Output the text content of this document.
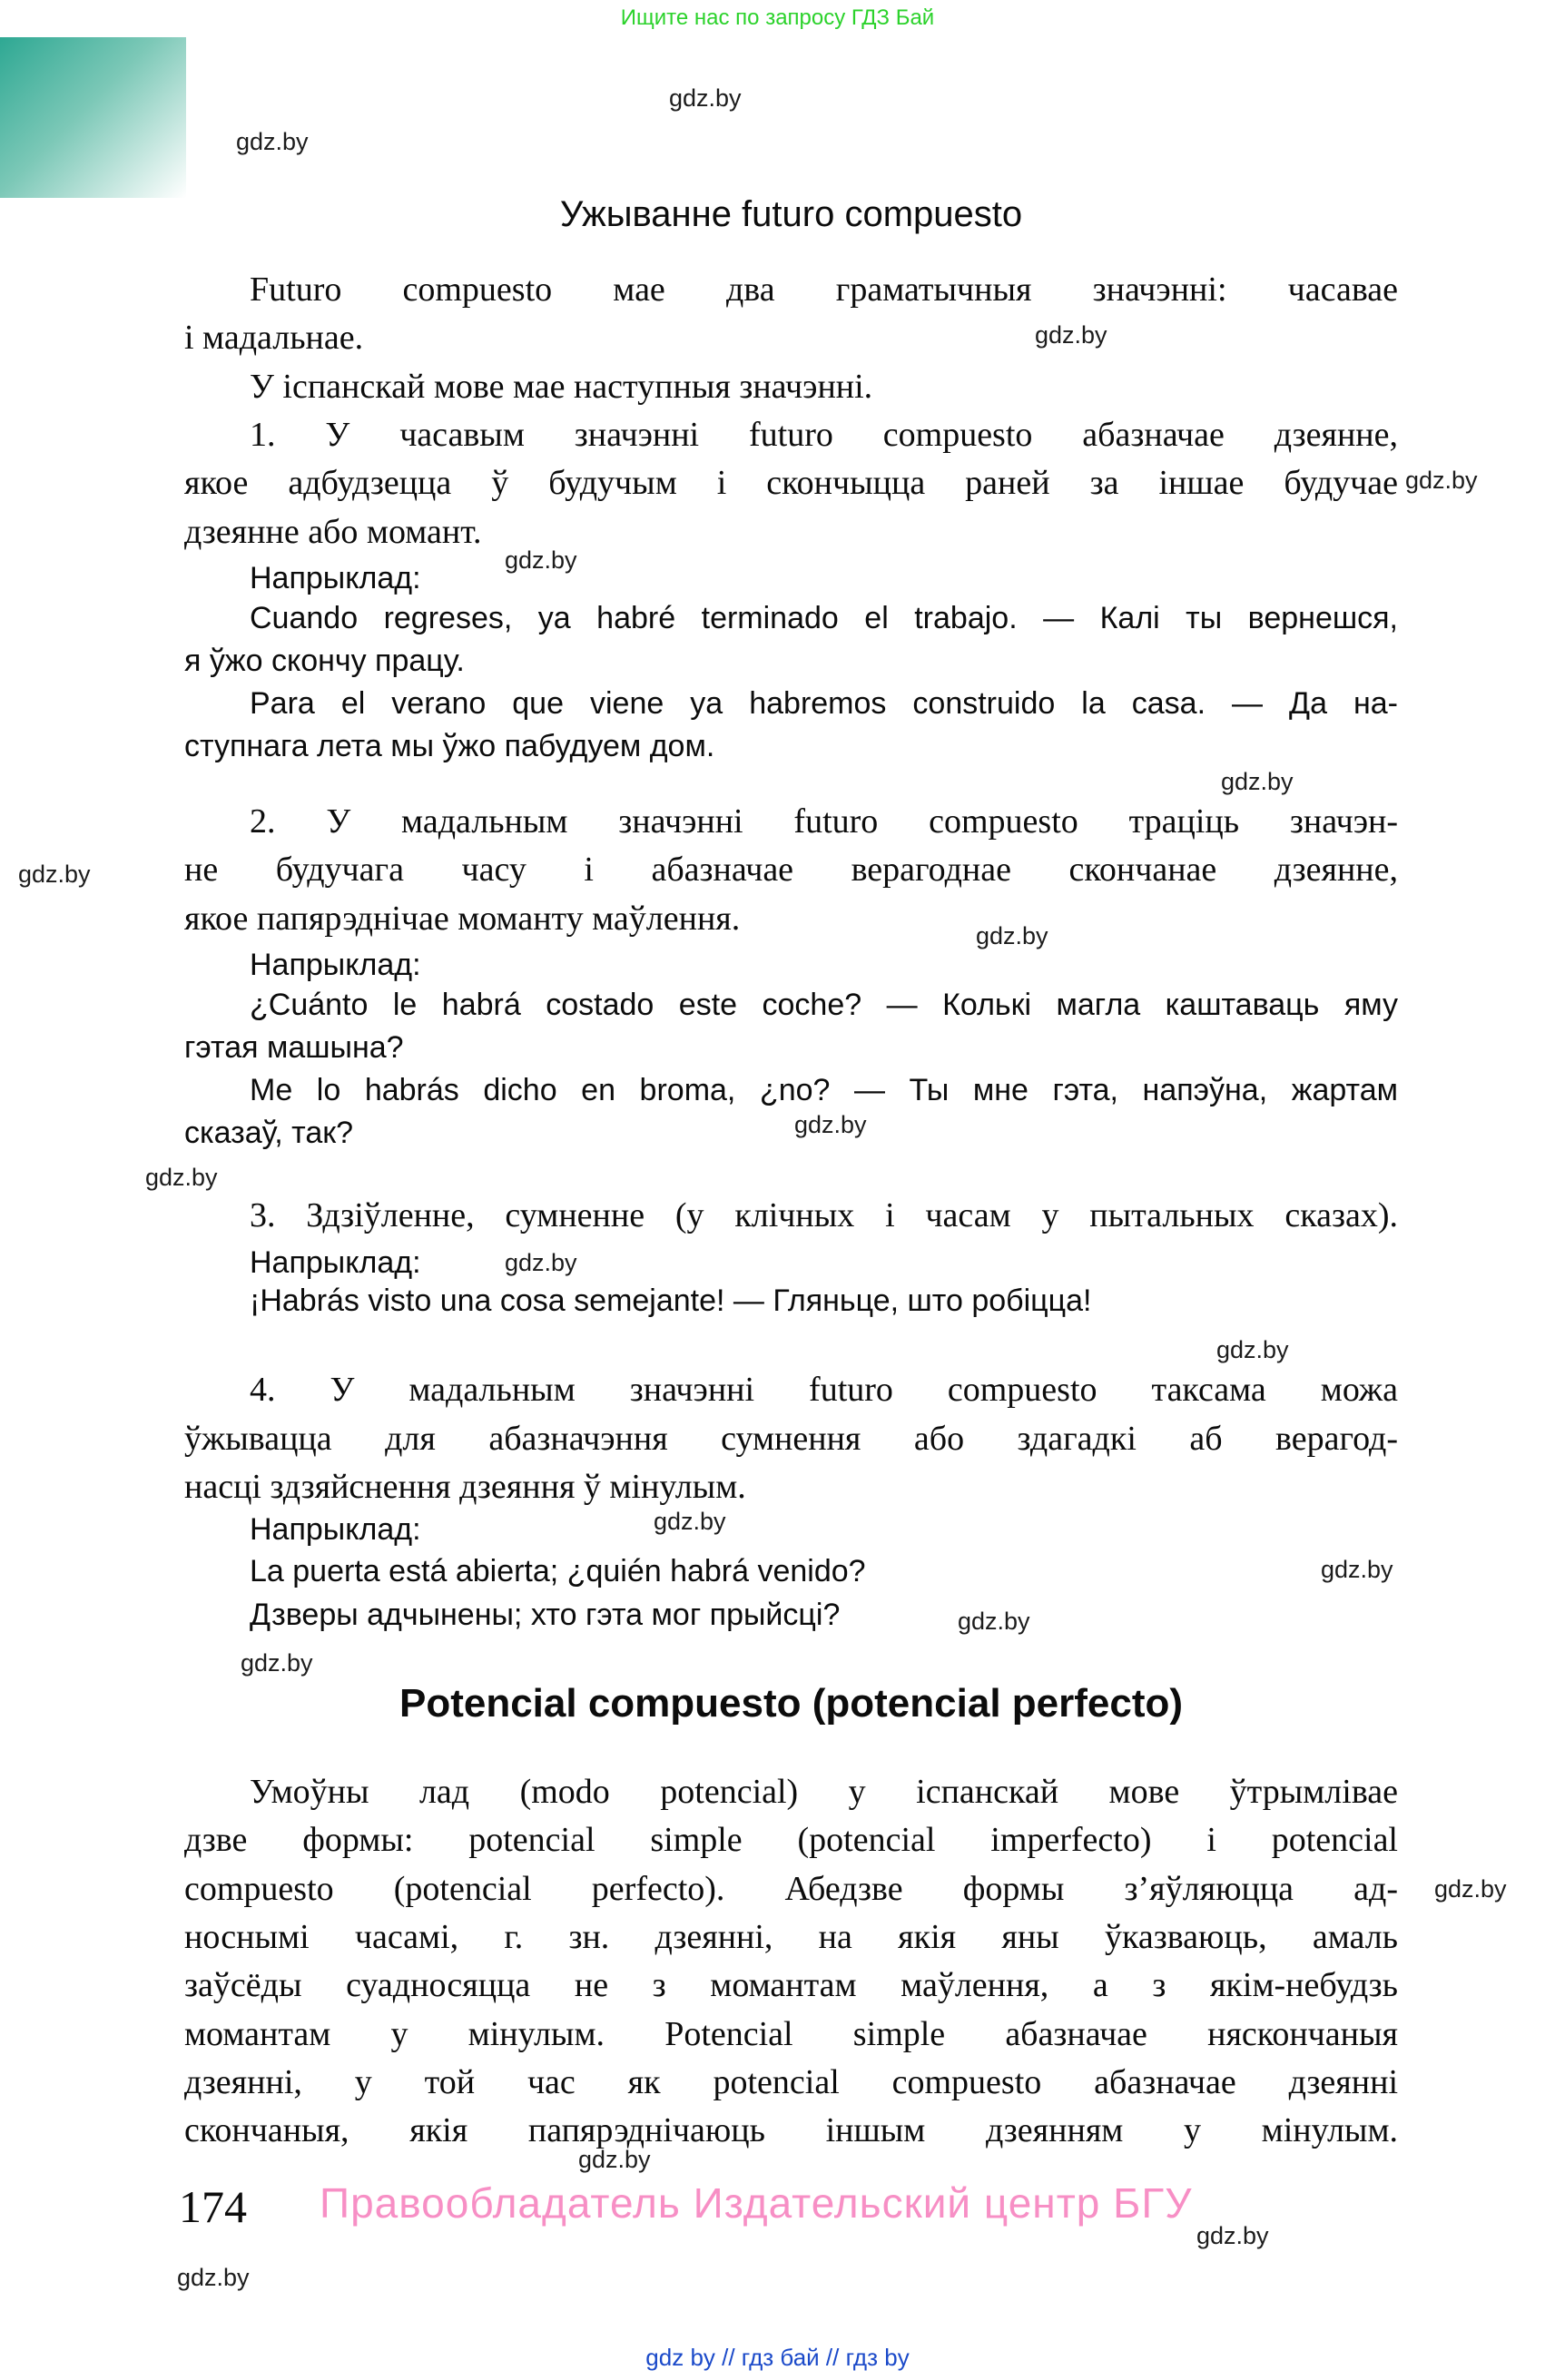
Ищите нас по запросу ГДЗ Бай
Ужыванне futuro compuesto
Futuro compuesto мае два граматычныя значэнні: часавае
і мадальнае.
У іспанскай мове мае наступныя значэнні.
1. У часавым значэнні futuro compuesto абазначае дзеянне,
якое адбудзецца ў будучым і скончыцца раней за іншае будучае
дзеянне або момант.
Напрыклад:
Cuando regreses, ya habré terminado el trabajo. — Калі ты вернешся,
я ўжо скончу працу.
Para el verano que viene ya habremos construido la casa. — Да на-
ступнага лета мы ўжо пабудуем дом.
2. У мадальным значэнні futuro compuesto траціць значэн-
не будучага часу і абазначае верагоднае скончанае дзеянне,
якое папярэднічае моманту маўлення.
Напрыклад:
¿Cuánto le habrá costado este coche? — Колькі магла каштаваць яму
гэтая машына?
Me lo habrás dicho en broma, ¿no? — Ты мне гэта, напэўна, жартам
сказаў, так?
3. Здзіўленне, сумненне (у клічных і часам у пытальных сказах).
Напрыклад:
¡Habrás visto una cosa semejante! — Гляньце, што робіцца!
4. У мадальным значэнні futuro compuesto таксама можа
ўжывацца для абазначэння сумнення або здагадкі аб верагод-
насці здзяйснення дзеяння ў мінулым.
Напрыклад:
La puerta está abierta; ¿quién habrá venido?
Дзверы адчынены; хто гэта мог прыйсці?
Умоўны лад (modo potencial) у іспанскай мове ўтрымлівае
дзве формы: potencial simple (potencial imperfecto) і potencial
compuesto (potencial perfecto). Абедзве формы з’яўляюцца ад-
носнымі часамі, г. зн. дзеянні, на якія яны ўказваюць, амаль
заўсёды суадносяцца не з момантам маўлення, а з якім-небудзь
момантам у мінулым. Potencial simple абазначае няскончаныя
дзеянні, у той час як potencial compuesto абазначае дзеянні
скончаныя, якія папярэднічаюць іншым дзеянням у мінулым.
Potencial compuesto (potencial perfecto)
gdz.by
gdz.by
gdz.by
gdz.by
gdz.by
gdz.by
gdz.by
gdz.by
gdz.by
gdz.by
gdz.by
gdz.by
gdz.by
gdz.by
gdz.by
gdz.by
gdz.by
gdz.by
gdz.by
gdz.by
174 Правообладатель Издательский центр БГУ
gdz by // гдз бай // гдз by
